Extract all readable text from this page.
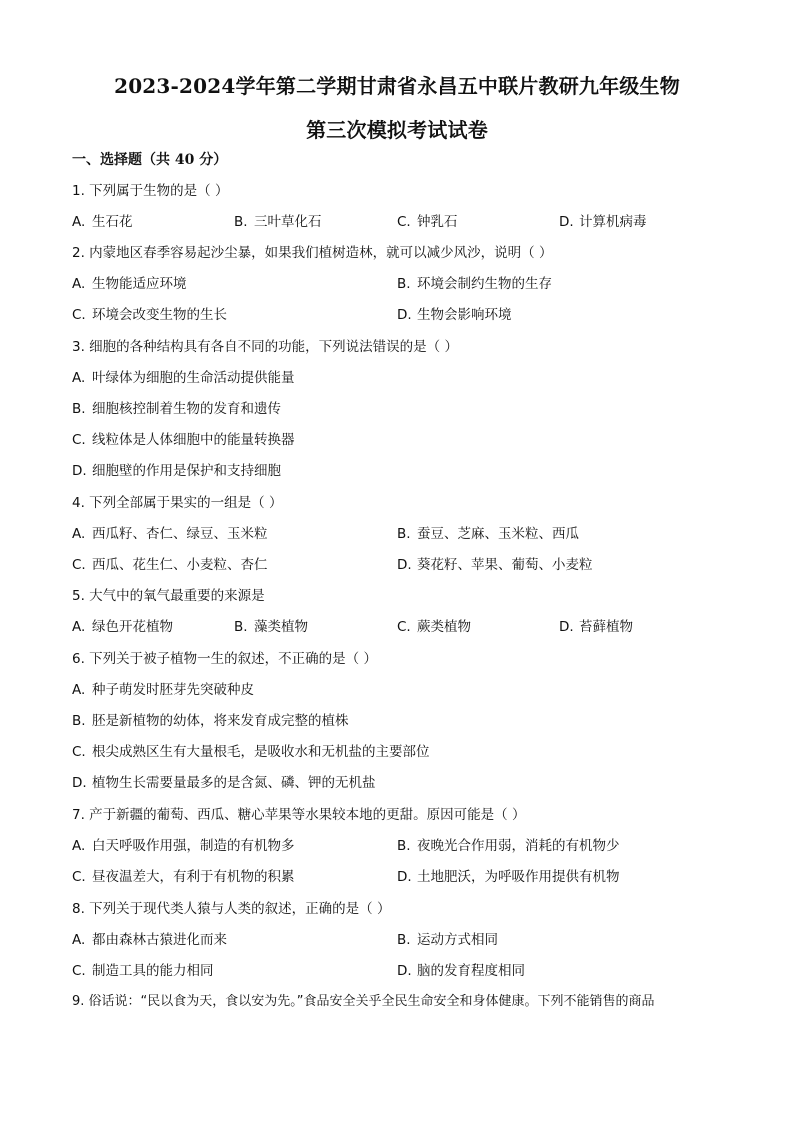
2023-2024学年第二学期甘肃省永昌五中联片教研九年级生物
第三次模拟考试试卷
一、选择题（共 40 分）
1. 下列属于生物的是（ ）
A. 生石花	B. 三叶草化石	C. 钟乳石	D. 计算机病毒
2. 内蒙地区春季容易起沙尘暴，如果我们植树造林，就可以减少风沙，说明（ ）
A. 生物能适应环境	B. 环境会制约生物的生存
C. 环境会改变生物的生长	D. 生物会影响环境
3. 细胞的各种结构具有各自不同的功能，下列说法错误的是（ ）
A. 叶绿体为细胞的生命活动提供能量
B. 细胞核控制着生物的发育和遗传
C. 线粒体是人体细胞中的能量转换器
D. 细胞壁的作用是保护和支持细胞
4. 下列全部属于果实的一组是（ ）
A. 西瓜籽、杏仁、绿豆、玉米粒	B. 蚕豆、芝麻、玉米粒、西瓜
C. 西瓜、花生仁、小麦粒、杏仁	D. 葵花籽、苹果、葡萄、小麦粒
5. 大气中的氧气最重要的来源是
A. 绿色开花植物	B. 藻类植物	C. 蕨类植物	D. 苔藓植物
6. 下列关于被子植物一生的叙述，不正确的是（ ）
A. 种子萌发时胚芽先突破种皮
B. 胚是新植物的幼体，将来发育成完整的植株
C. 根尖成熟区生有大量根毛，是吸收水和无机盐的主要部位
D. 植物生长需要量最多的是含氮、磷、钾的无机盐
7. 产于新疆的葡萄、西瓜、糖心苹果等水果较本地的更甜。原因可能是（ ）
A. 白天呼吸作用强，制造的有机物多	B. 夜晚光合作用弱，消耗的有机物少
C. 昼夜温差大，有利于有机物的积累	D. 土地肥沃，为呼吸作用提供有机物
8. 下列关于现代类人猿与人类的叙述，正确的是（ ）
A. 都由森林古猿进化而来	B. 运动方式相同
C. 制造工具的能力相同	D. 脑的发育程度相同
9. 俗话说：“民以食为天，食以安为先。”食品安全关乎全民生命安全和身体健康。下列不能销售的商品
